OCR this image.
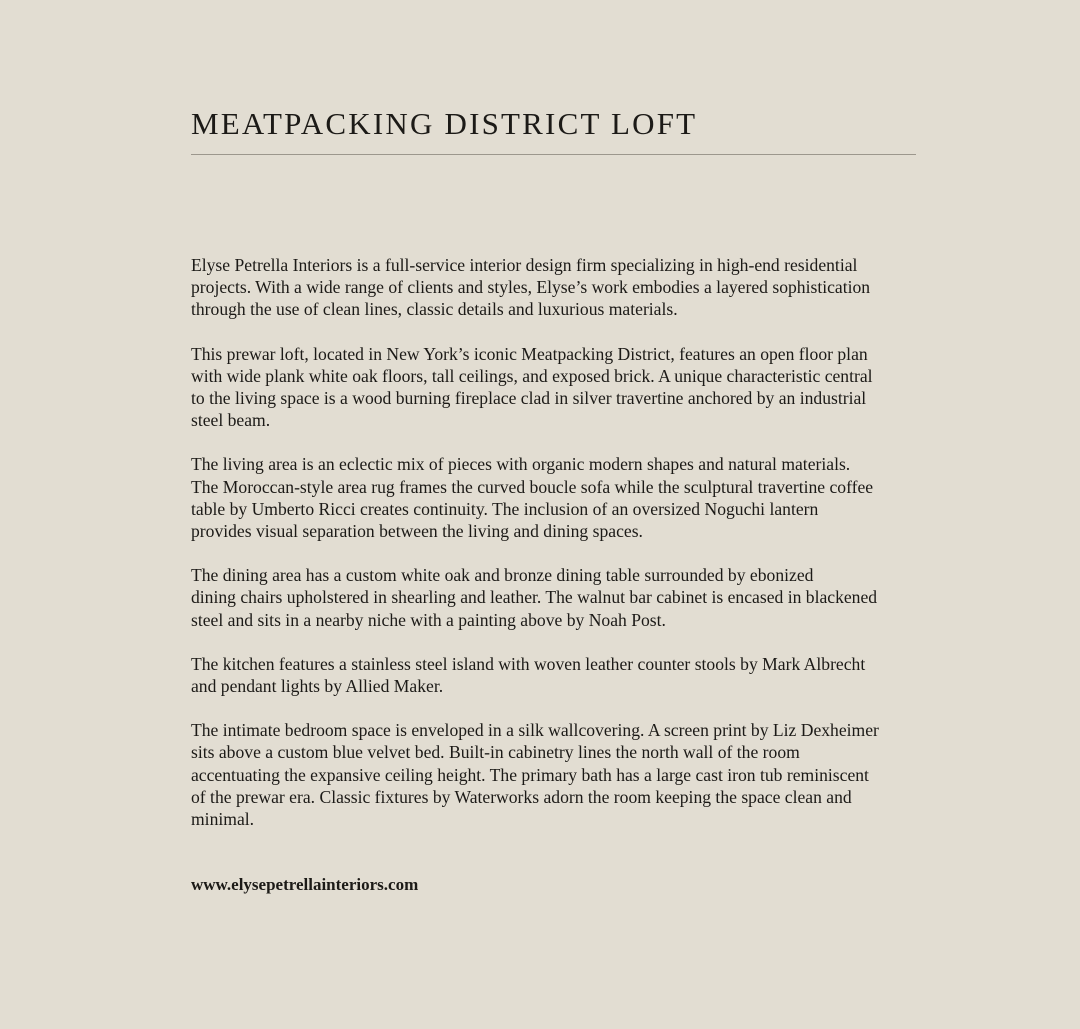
MEATPACKING DISTRICT LOFT

Elyse Petrella Interiors is a full-service interior design firm specializing in high-end residential
projects. With a wide range of clients and styles, Elyse’s work embodies a layered sophistication
through the use of clean lines, classic details and luxurious materials.

This prewar loft, located in New York’s iconic Meatpacking District, features an open floor plan
with wide plank white oak floors, tall ceilings, and exposed brick. A unique characteristic central
to the living space is a wood burning fireplace clad in silver travertine anchored by an industrial
steel beam.

The living area is an eclectic mix of pieces with organic modern shapes and natural materials.
The Moroccan-style area rug frames the curved boucle sofa while the sculptural travertine coffee
table by Umberto Ricci creates continuity. The inclusion of an oversized Noguchi lantern
provides visual separation between the living and dining spaces.

The dining area has a custom white oak and bronze dining table surrounded by ebonized
dining chairs upholstered in shearling and leather. The walnut bar cabinet is encased in blackened
steel and sits in a nearby niche with a painting above by Noah Post.

The kitchen features a stainless steel island with woven leather counter stools by Mark Albrecht
and pendant lights by Allied Maker.

The intimate bedroom space is enveloped in a silk wallcovering. A screen print by Liz Dexheimer
sits above a custom blue velvet bed. Built-in cabinetry lines the north wall of the room
accentuating the expansive ceiling height. The primary bath has a large cast iron tub reminiscent
of the prewar era. Classic fixtures by Waterworks adorn the room keeping the space clean and
minimal.

www.elysepetrellainteriors.com
